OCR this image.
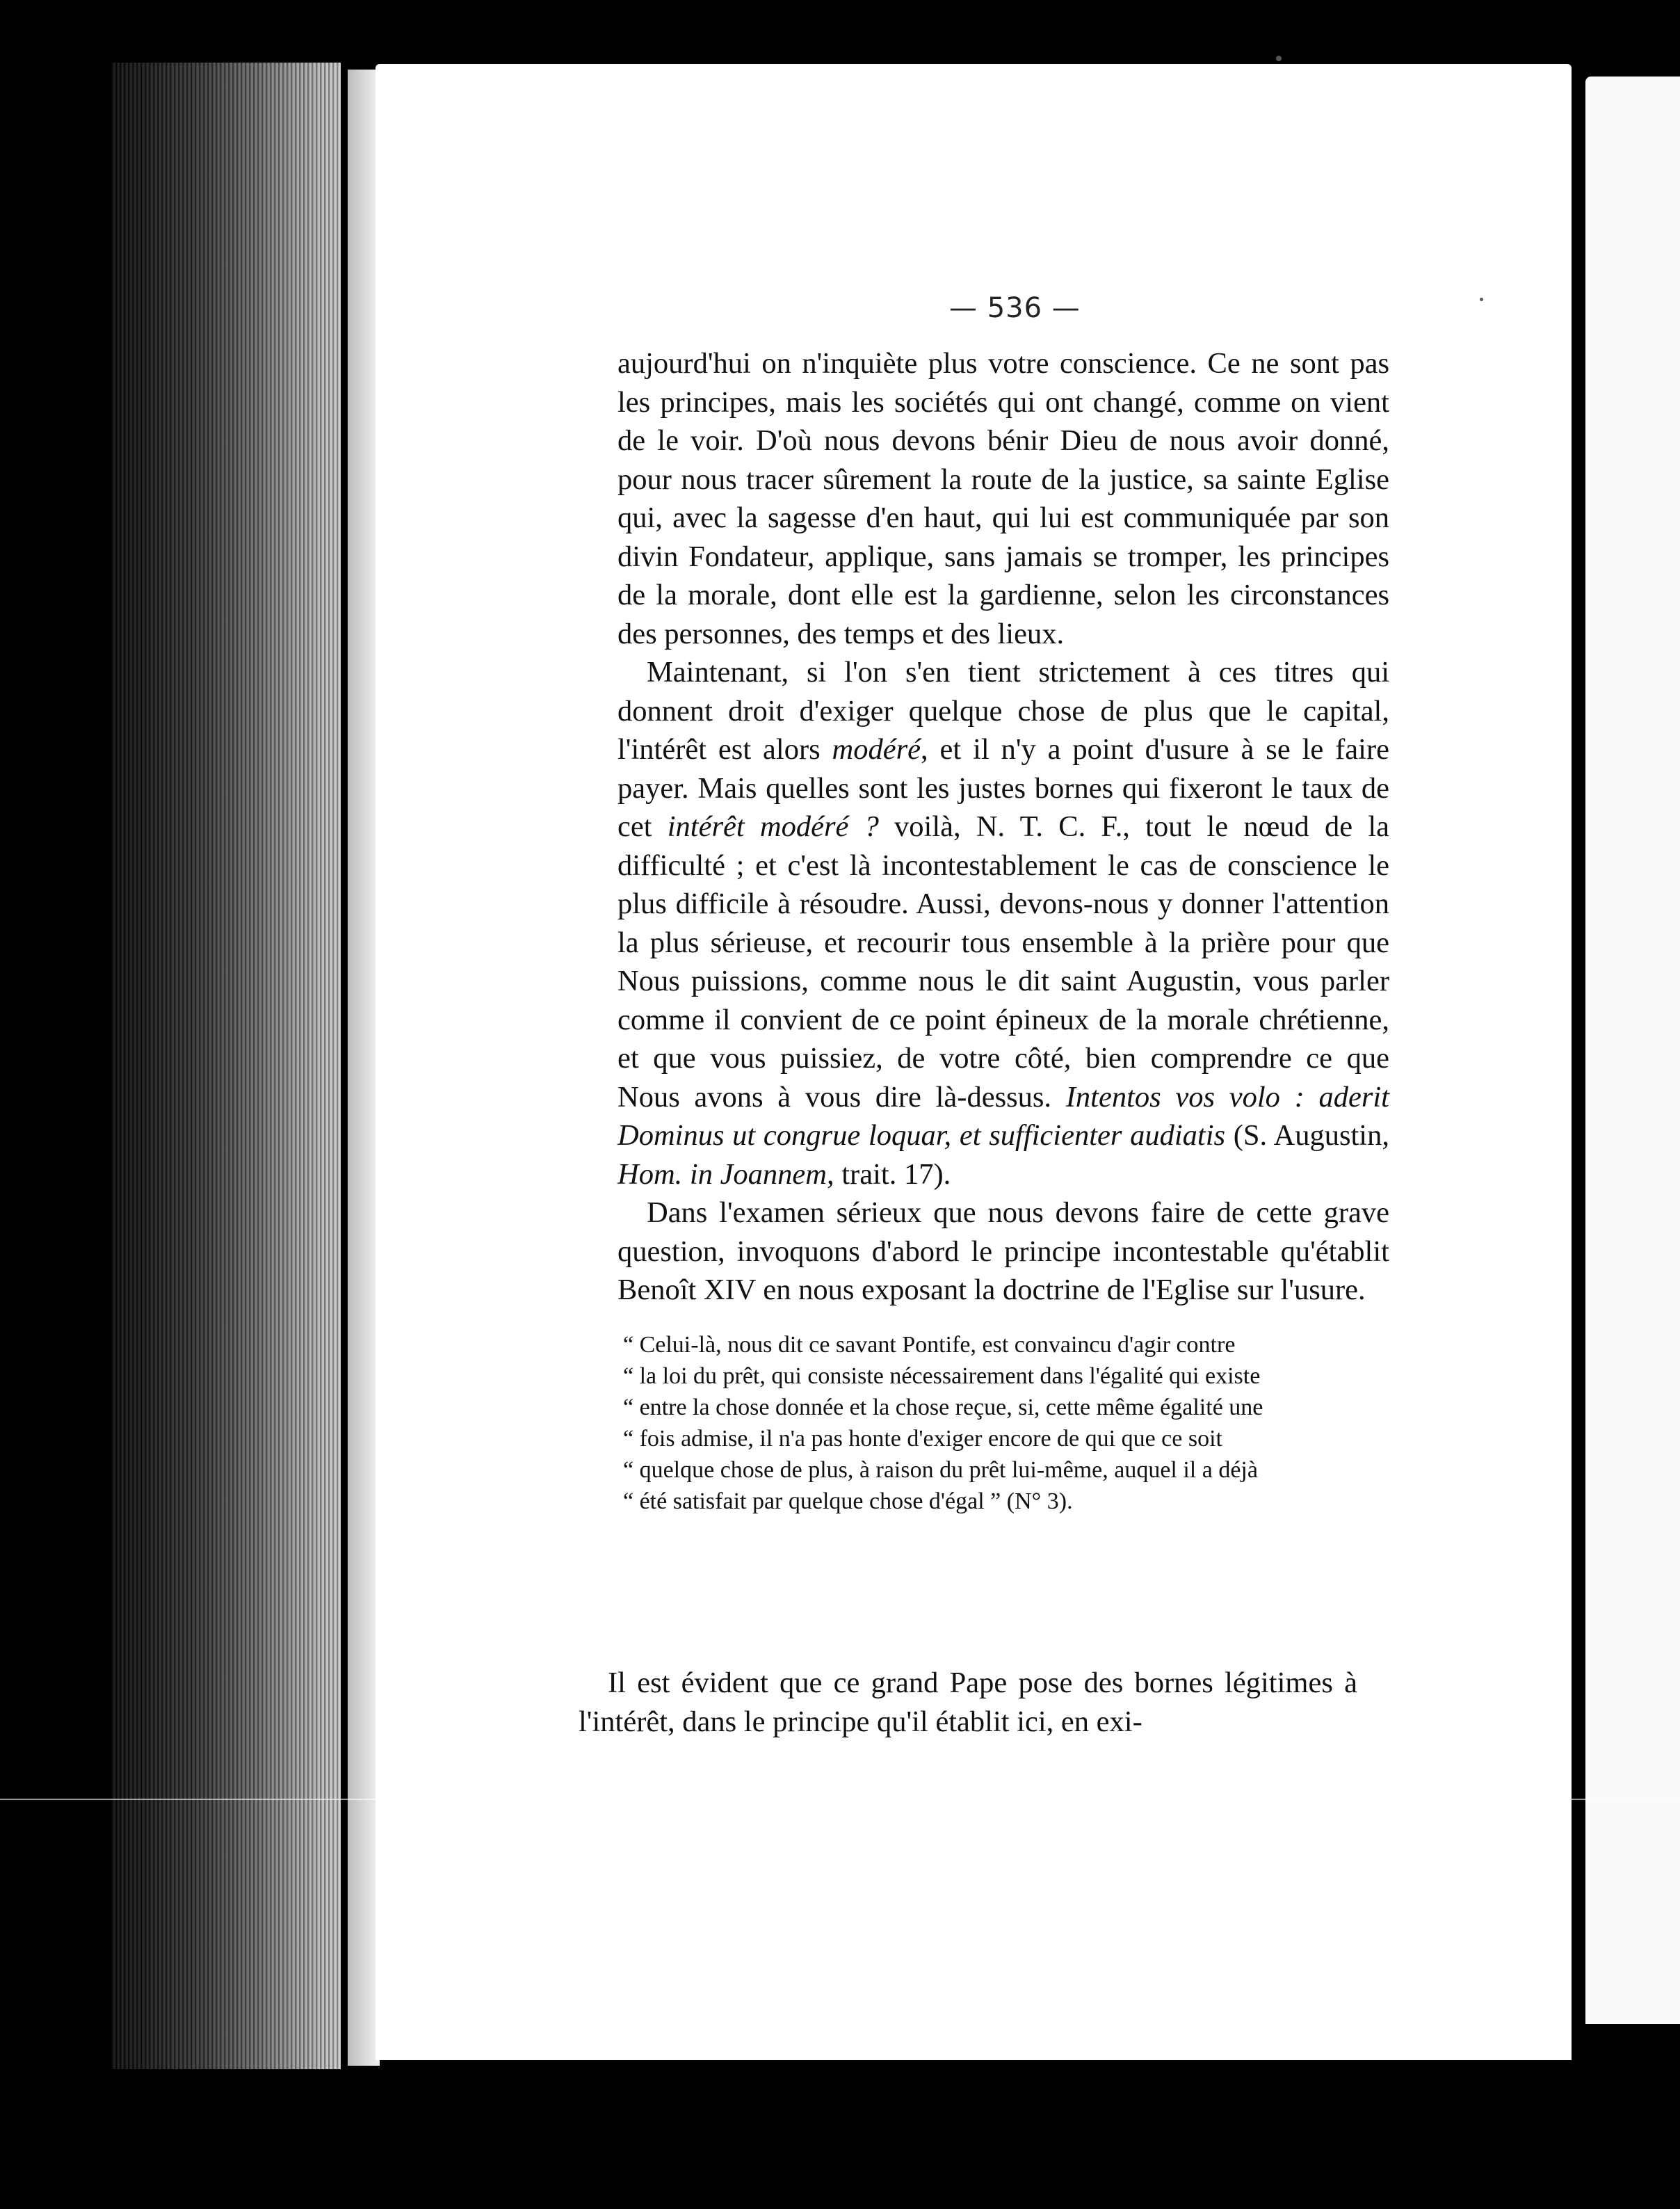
— 536 —

aujourd'hui on n'inquiète plus votre conscience. Ce ne sont pas les principes, mais les sociétés qui ont changé, comme on vient de le voir. D'où nous devons bénir Dieu de nous avoir donné, pour nous tracer sûrement la route de la justice, sa sainte Eglise qui, avec la sagesse d'en haut, qui lui est communiquée par son divin Fondateur, applique, sans jamais se tromper, les principes de la morale, dont elle est la gardienne, selon les circonstances des personnes, des temps et des lieux.

Maintenant, si l'on s'en tient strictement à ces titres qui donnent droit d'exiger quelque chose de plus que le capital, l'intérêt est alors modéré, et il n'y a point d'usure à se le faire payer. Mais quelles sont les justes bornes qui fixeront le taux de cet intérêt modéré ? voilà, N. T. C. F., tout le nœud de la difficulté ; et c'est là incontestablement le cas de conscience le plus difficile à résoudre. Aussi, devons-nous y donner l'attention la plus sérieuse, et recourir tous ensemble à la prière pour que Nous puissions, comme nous le dit saint Augustin, vous parler comme il convient de ce point épineux de la morale chrétienne, et que vous puissiez, de votre côté, bien comprendre ce que Nous avons à vous dire là-dessus. Intentos vos volo : aderit Dominus ut congrue loquar, et sufficienter audiatis (S. Augustin, Hom. in Joannem, trait. 17).

Dans l'examen sérieux que nous devons faire de cette grave question, invoquons d'abord le principe incontestable qu'établit Benoît XIV en nous exposant la doctrine de l'Eglise sur l'usure.

“ Celui-là, nous dit ce savant Pontife, est convaincu d'agir contre
“ la loi du prêt, qui consiste nécessairement dans l'égalité qui existe
“ entre la chose donnée et la chose reçue, si, cette même égalité une
“ fois admise, il n'a pas honte d'exiger encore de qui que ce soit
“ quelque chose de plus, à raison du prêt lui-même, auquel il a déjà
“ été satisfait par quelque chose d'égal ” (N° 3).

Il est évident que ce grand Pape pose des bornes légitimes à l'intérêt, dans le principe qu'il établit ici, en exi-
